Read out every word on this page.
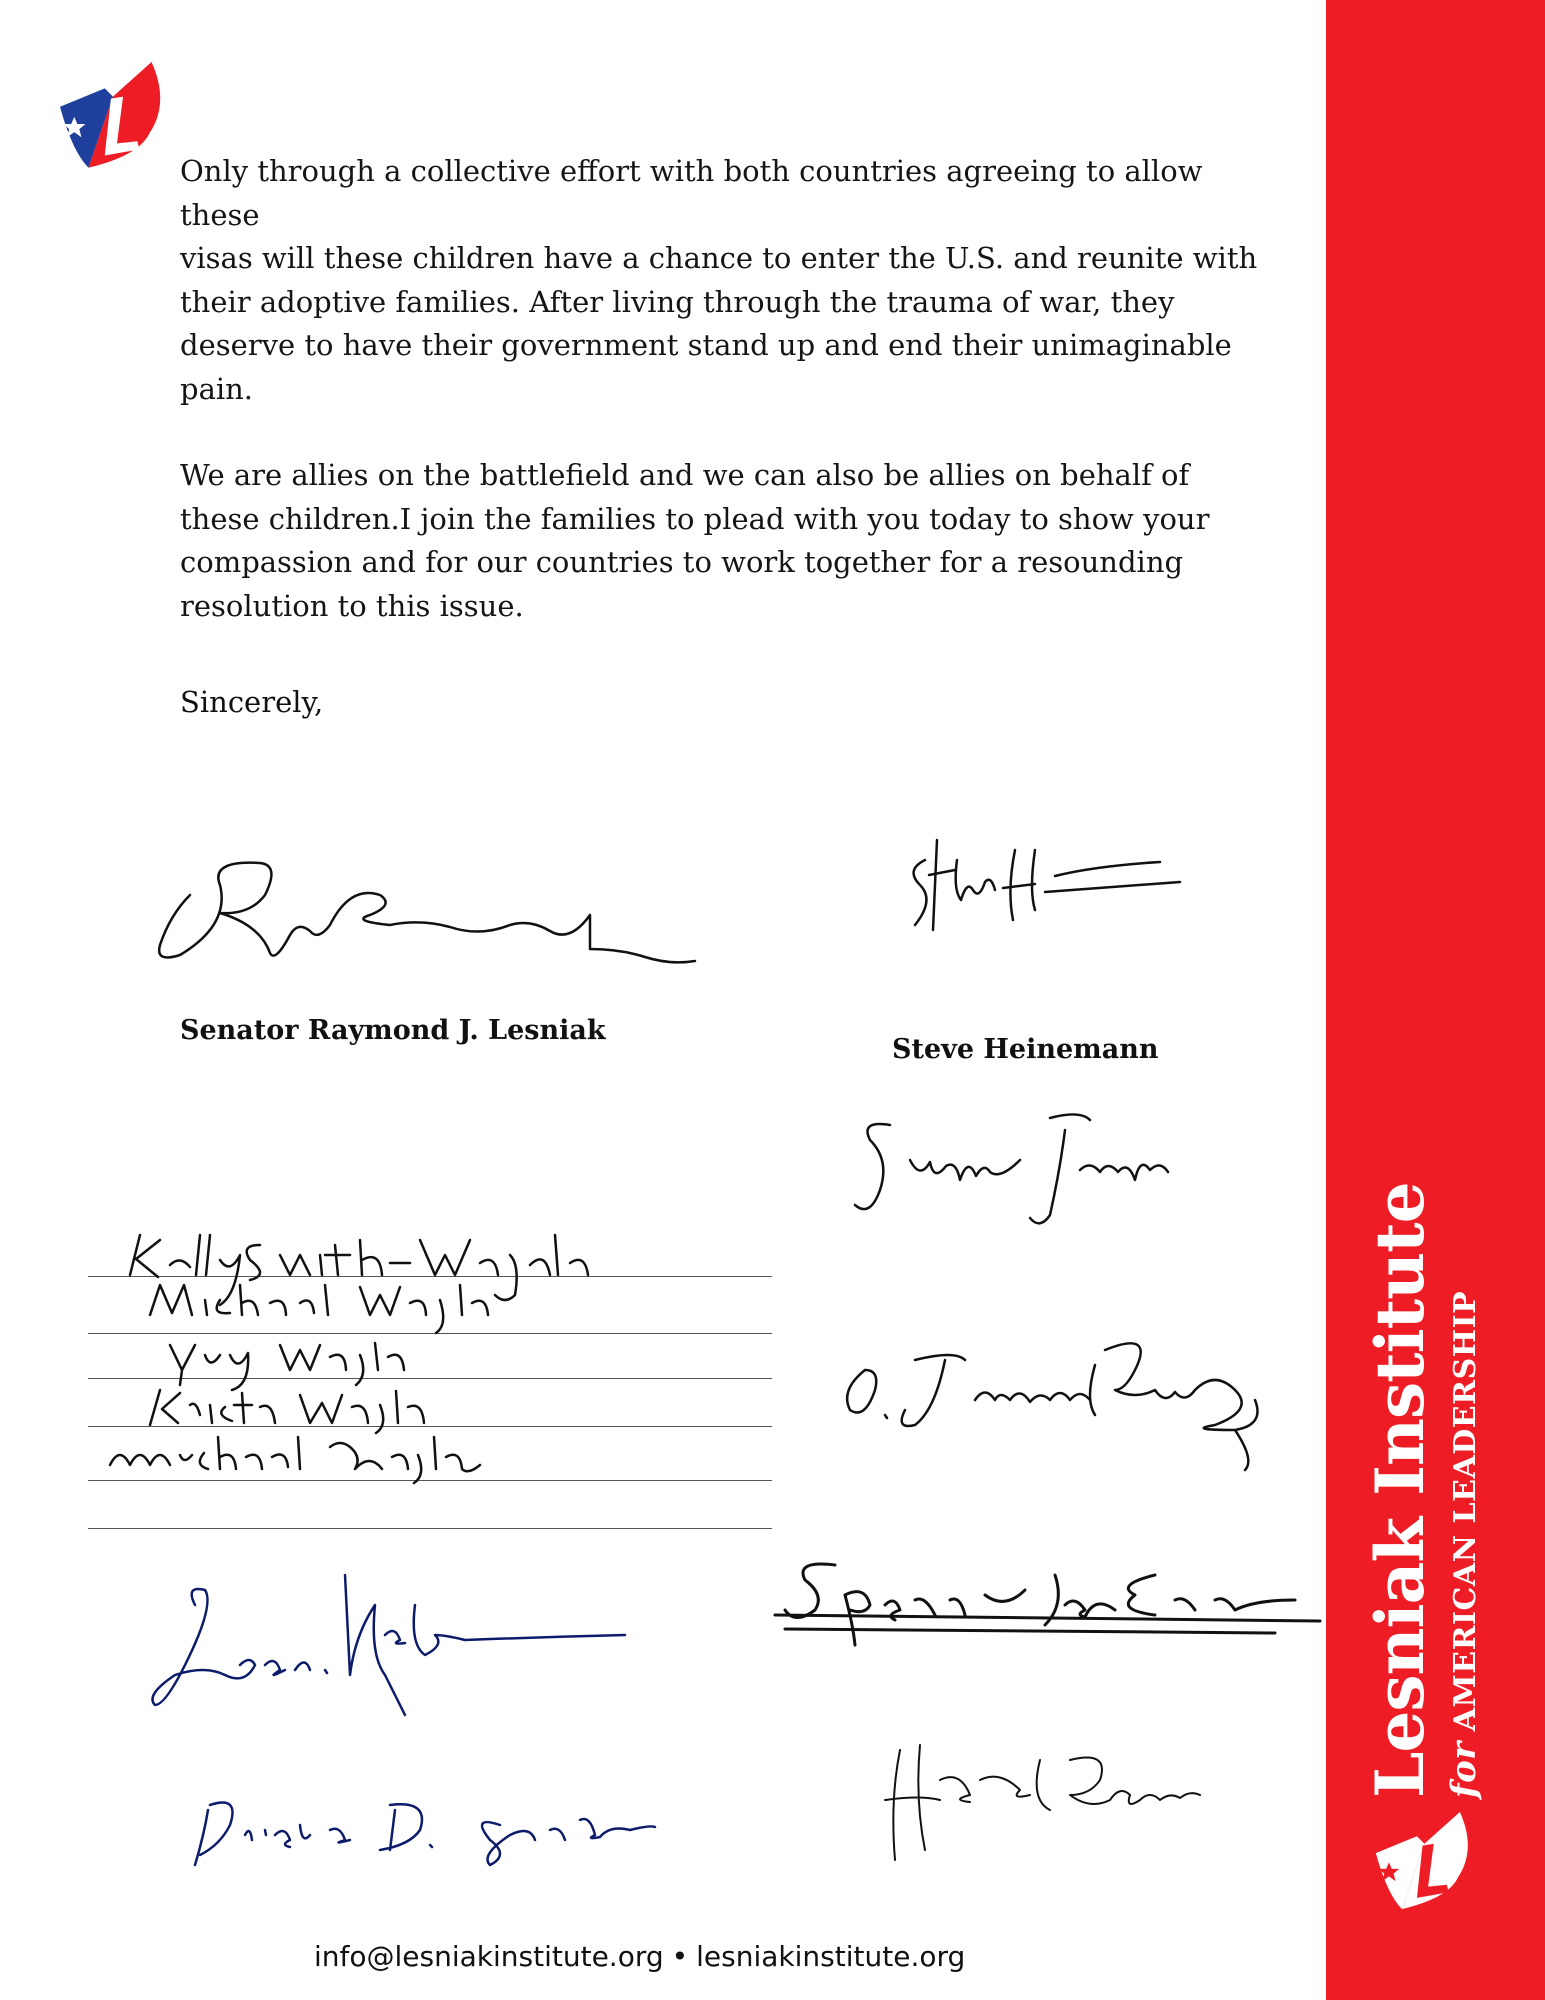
Only through a collective effort with both countries agreeing to allow
these
visas will these children have a chance to enter the U.S. and reunite with
their adoptive families. After living through the trauma of war, they
deserve to have their government stand up and end their unimaginable
pain.

We are allies on the battlefield and we can also be allies on behalf of
these children.I join the families to plead with you today to show your
compassion and for our countries to work together for a resounding
resolution to this issue.

Sincerely,
Senator Raymond J. Lesniak
Steve Heinemann
info@lesniakinstitute.org • lesniakinstitute.org
Lesniak Institute forAMERICAN LEADERSHIP
